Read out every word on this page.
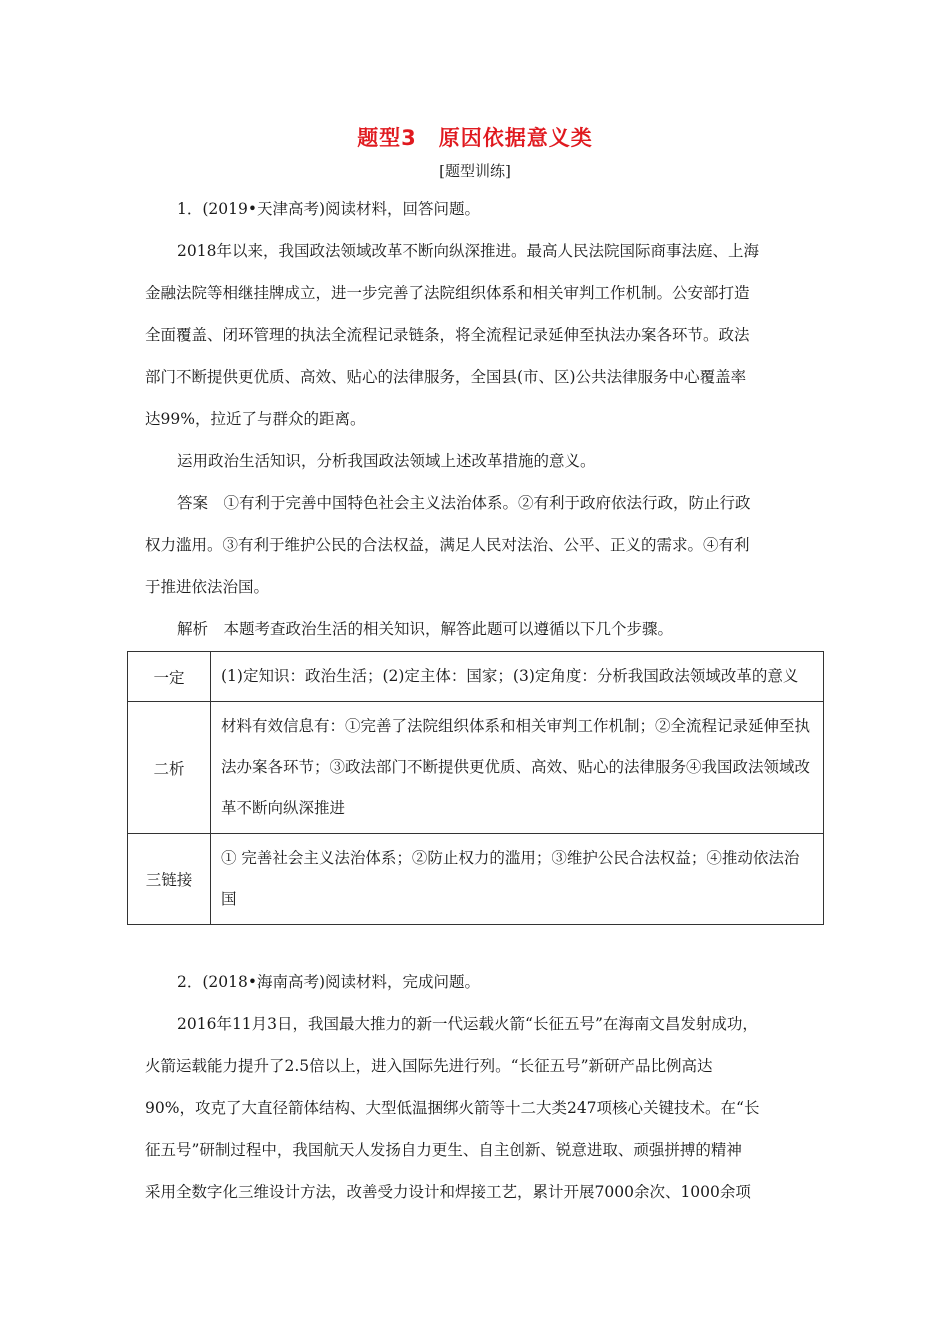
题型3　原因依据意义类
[题型训练]
1．(2019•天津高考)阅读材料，回答问题。
2018年以来，我国政法领域改革不断向纵深推进。最高人民法院国际商事法庭、上海
金融法院等相继挂牌成立，进一步完善了法院组织体系和相关审判工作机制。公安部打造
全面覆盖、闭环管理的执法全流程记录链条，将全流程记录延伸至执法办案各环节。政法
部门不断提供更优质、高效、贴心的法律服务，全国县(市、区)公共法律服务中心覆盖率
达99%，拉近了与群众的距离。
运用政治生活知识，分析我国政法领域上述改革措施的意义。
答案　①有利于完善中国特色社会主义法治体系。②有利于政府依法行政，防止行政
权力滥用。③有利于维护公民的合法权益，满足人民对法治、公平、正义的需求。④有利
于推进依法治国。
解析　本题考查政治生活的相关知识，解答此题可以遵循以下几个步骤。
一定	(1)定知识：政治生活；(2)定主体：国家；(3)定角度：分析我国政法领域改革的意义
二析	材料有效信息有：①完善了法院组织体系和相关审判工作机制；②全流程记录延伸至执法办案各环节；③政法部门不断提供更优质、高效、贴心的法律服务④我国政法领域改革不断向纵深推进
三链接	① 完善社会主义法治体系；②防止权力的滥用；③维护公民合法权益；④推动依法治国
2．(2018•海南高考)阅读材料，完成问题。
2016年11月3日，我国最大推力的新一代运载火箭“长征五号”在海南文昌发射成功，
火箭运载能力提升了2.5倍以上，进入国际先进行列。“长征五号”新研产品比例高达
90%，攻克了大直径箭体结构、大型低温捆绑火箭等十二大类247项核心关键技术。在“长
征五号”研制过程中，我国航天人发扬自力更生、自主创新、锐意进取、顽强拼搏的精神
采用全数字化三维设计方法，改善受力设计和焊接工艺，累计开展7000余次、1000余项
